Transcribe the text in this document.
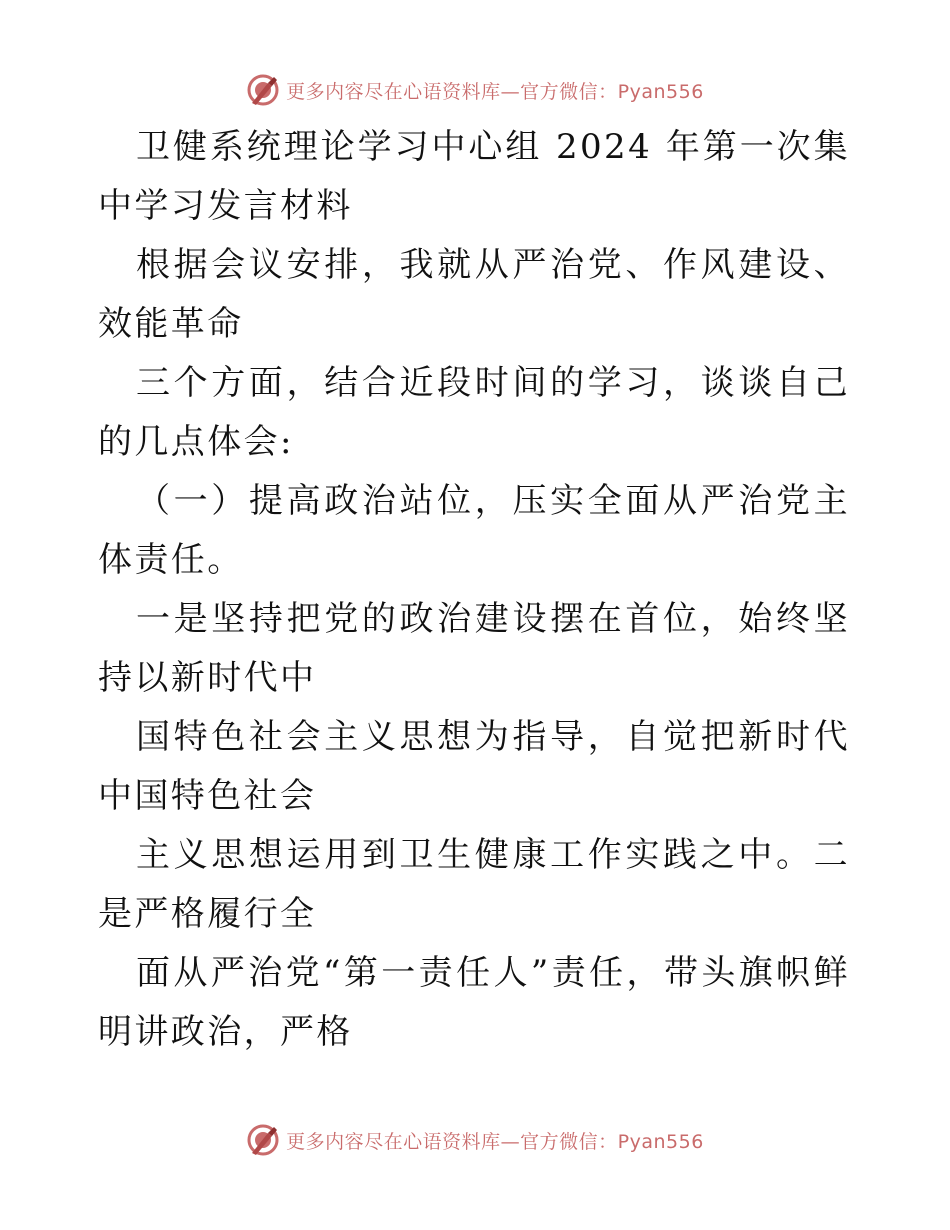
更多内容尽在心语资料库—官方微信：Pyan556

卫健系统理论学习中心组 2024 年第一次集中学习发言材料

根据会议安排，我就从严治党、作风建设、效能革命

三个方面，结合近段时间的学习，谈谈自己的几点体会:

（一）提高政治站位，压实全面从严治党主体责任。

一是坚持把党的政治建设摆在首位，始终坚持以新时代中

国特色社会主义思想为指导，自觉把新时代中国特色社会

主义思想运用到卫生健康工作实践之中。二是严格履行全

面从严治党“第一责任人”责任，带头旗帜鲜明讲政治，严格

更多内容尽在心语资料库—官方微信：Pyan556
